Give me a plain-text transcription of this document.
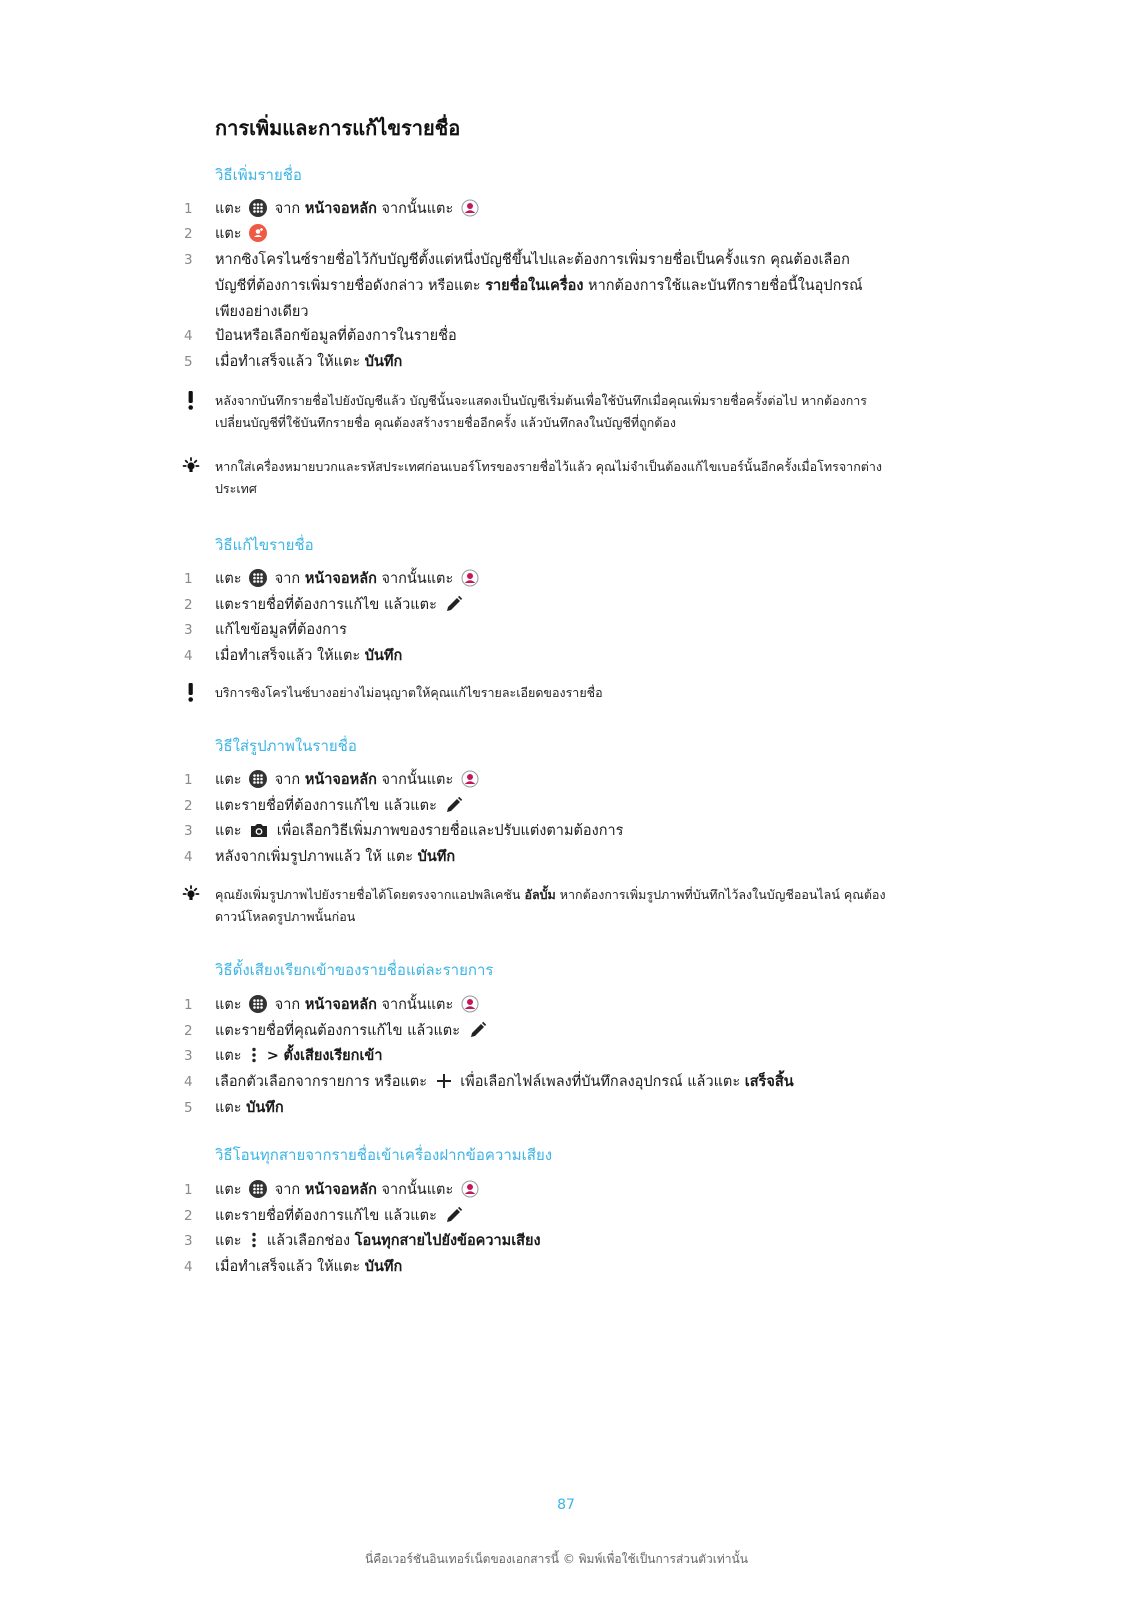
การเพิ่มและการแก้ไขรายชื่อ
วิธีเพิ่มรายชื่อ
1	แตะ จาก หน้าจอหลัก จากนั้นแตะ
2	แตะ
3	หากซิงโครไนซ์รายชื่อไว้กับบัญชีตั้งแต่หนึ่งบัญชีขึ้นไปและต้องการเพิ่มรายชื่อเป็นครั้งแรก คุณต้องเลือก
บัญชีที่ต้องการเพิ่มรายชื่อดังกล่าว หรือแตะ รายชื่อในเครื่อง หากต้องการใช้และบันทึกรายชื่อนี้ในอุปกรณ์
เพียงอย่างเดียว
4	ป้อนหรือเลือกข้อมูลที่ต้องการในรายชื่อ
5	เมื่อทำเสร็จแล้ว ให้แตะ บันทึก
หลังจากบันทึกรายชื่อไปยังบัญชีแล้ว บัญชีนั้นจะแสดงเป็นบัญชีเริ่มต้นเพื่อใช้บันทึกเมื่อคุณเพิ่มรายชื่อครั้งต่อไป หากต้องการ
เปลี่ยนบัญชีที่ใช้บันทึกรายชื่อ คุณต้องสร้างรายชื่ออีกครั้ง แล้วบันทึกลงในบัญชีที่ถูกต้อง
หากใส่เครื่องหมายบวกและรหัสประเทศก่อนเบอร์โทรของรายชื่อไว้แล้ว คุณไม่จำเป็นต้องแก้ไขเบอร์นั้นอีกครั้งเมื่อโทรจากต่าง
ประเทศ
วิธีแก้ไขรายชื่อ
1	แตะ จาก หน้าจอหลัก จากนั้นแตะ
2	แตะรายชื่อที่ต้องการแก้ไข แล้วแตะ
3	แก้ไขข้อมูลที่ต้องการ
4	เมื่อทำเสร็จแล้ว ให้แตะ บันทึก
บริการซิงโครไนซ์บางอย่างไม่อนุญาตให้คุณแก้ไขรายละเอียดของรายชื่อ
วิธีใส่รูปภาพในรายชื่อ
1	แตะ จาก หน้าจอหลัก จากนั้นแตะ
2	แตะรายชื่อที่ต้องการแก้ไข แล้วแตะ
3	แตะ เพื่อเลือกวิธีเพิ่มภาพของรายชื่อและปรับแต่งตามต้องการ
4	หลังจากเพิ่มรูปภาพแล้ว ให้ แตะ บันทึก
คุณยังเพิ่มรูปภาพไปยังรายชื่อได้โดยตรงจากแอปพลิเคชัน อัลบั้ม หากต้องการเพิ่มรูปภาพที่บันทึกไว้ลงในบัญชีออนไลน์ คุณต้อง
ดาวน์โหลดรูปภาพนั้นก่อน
วิธีตั้งเสียงเรียกเข้าของรายชื่อแต่ละรายการ
1	แตะ จาก หน้าจอหลัก จากนั้นแตะ
2	แตะรายชื่อที่คุณต้องการแก้ไข แล้วแตะ
3	แตะ > ตั้งเสียงเรียกเข้า
4	เลือกตัวเลือกจากรายการ หรือแตะ เพื่อเลือกไฟล์เพลงที่บันทึกลงอุปกรณ์ แล้วแตะ เสร็จสิ้น
5	แตะ บันทึก
วิธีโอนทุกสายจากรายชื่อเข้าเครื่องฝากข้อความเสียง
1	แตะ จาก หน้าจอหลัก จากนั้นแตะ
2	แตะรายชื่อที่ต้องการแก้ไข แล้วแตะ
3	แตะ แล้วเลือกช่อง โอนทุกสายไปยังข้อความเสียง
4	เมื่อทำเสร็จแล้ว ให้แตะ บันทึก
87
นี่คือเวอร์ชันอินเทอร์เน็ตของเอกสารนี้ © พิมพ์เพื่อใช้เป็นการส่วนตัวเท่านั้น
